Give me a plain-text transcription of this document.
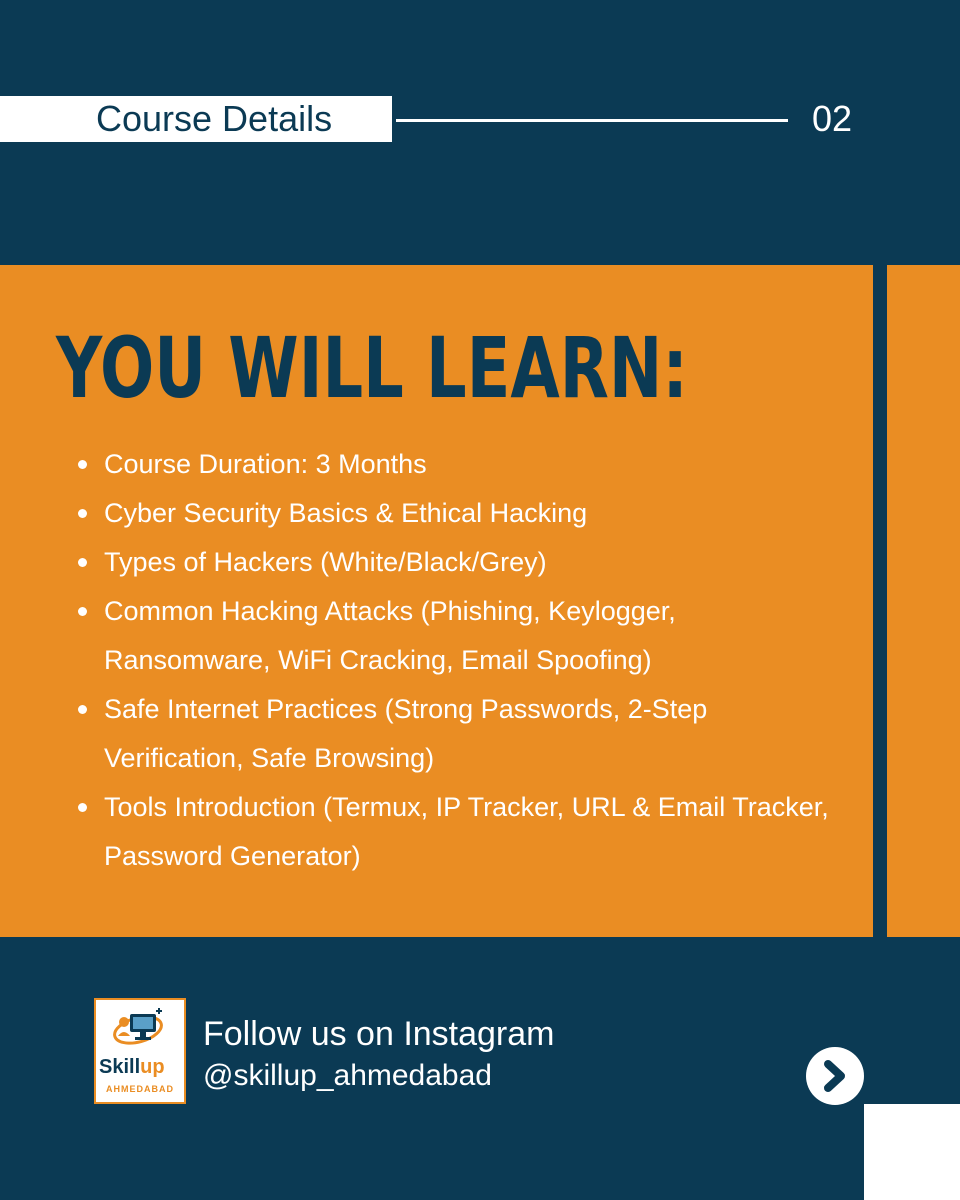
Course Details	02
YOU WILL LEARN:
Course Duration: 3 Months
Cyber Security Basics & Ethical Hacking
Types of Hackers (White/Black/Grey)
Common Hacking Attacks (Phishing, Keylogger, Ransomware, WiFi Cracking, Email Spoofing)
Safe Internet Practices (Strong Passwords, 2-Step Verification, Safe Browsing)
Tools Introduction (Termux, IP Tracker, URL & Email Tracker, Password Generator)
Skillup
AHMEDABAD
Follow us on Instagram
@skillup_ahmedabad
